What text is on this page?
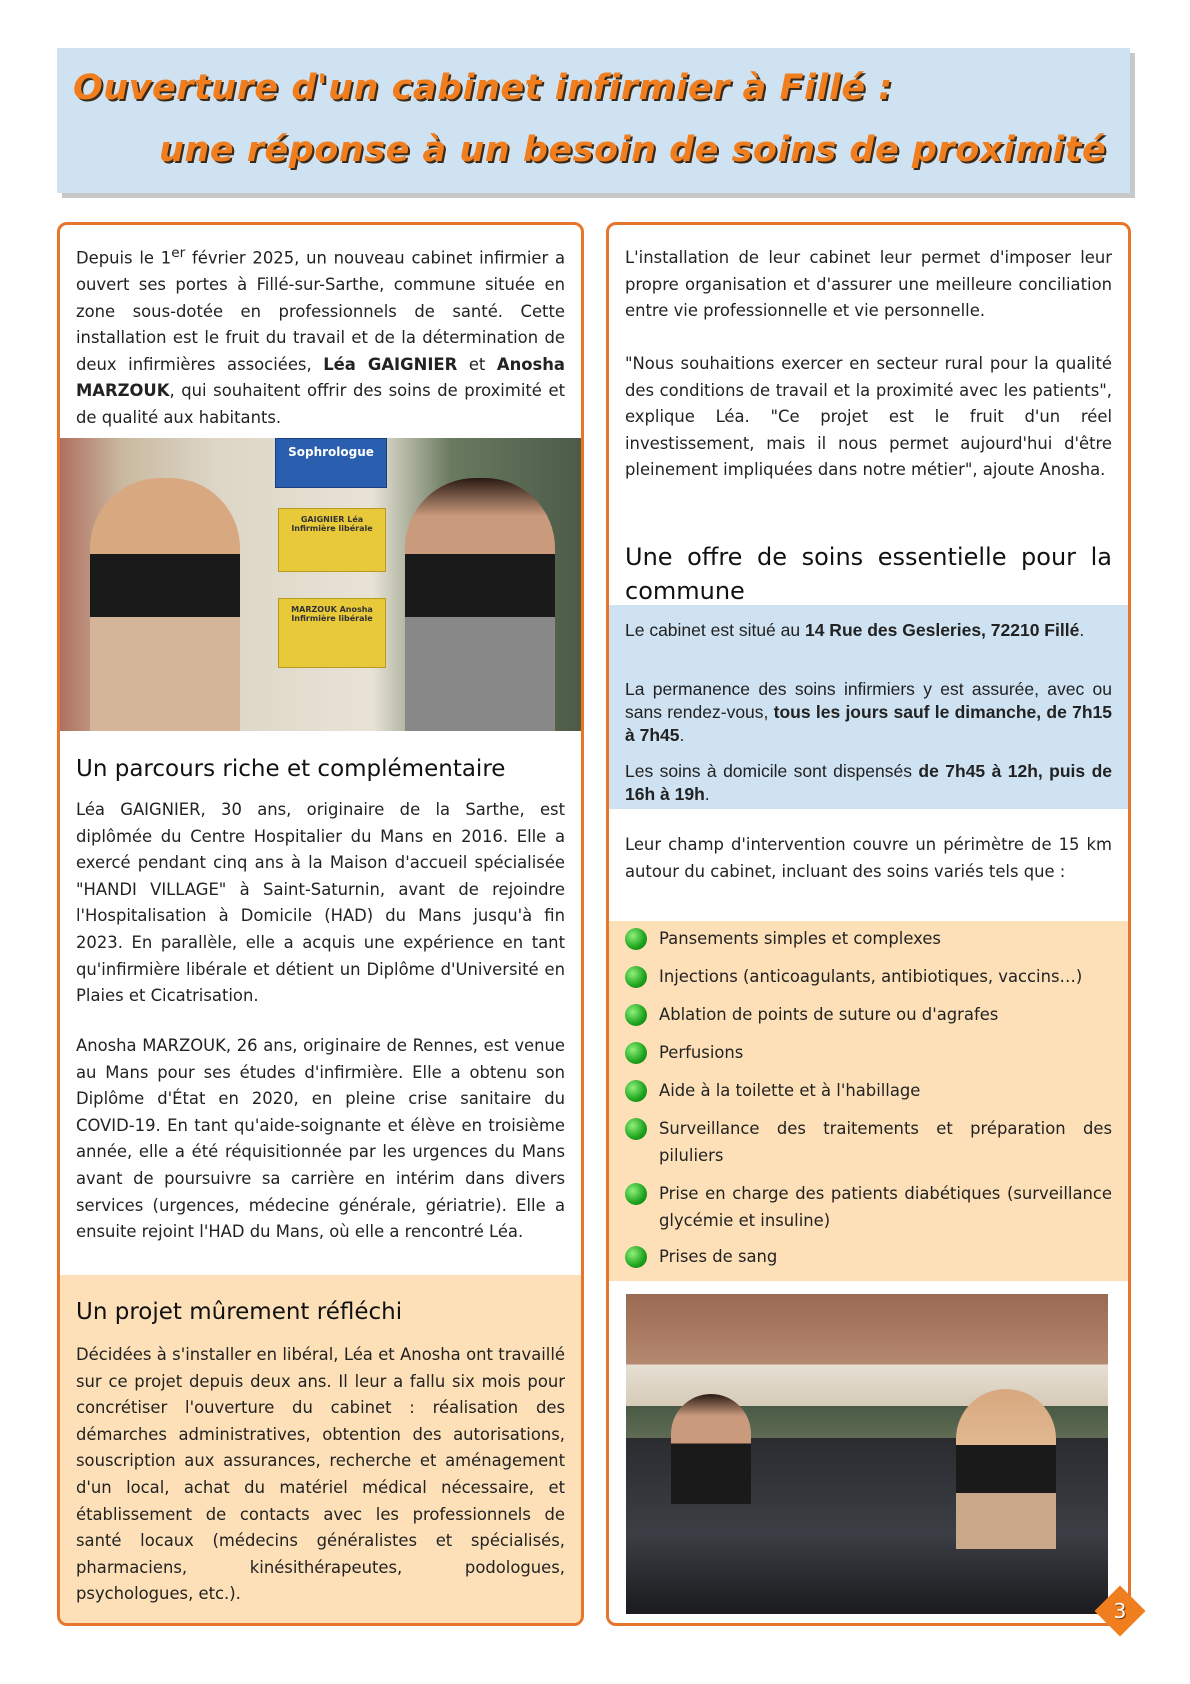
Ouverture d'un cabinet infirmier à Fillé :
une réponse à un besoin de soins de proximité
Depuis le 1er février 2025, un nouveau cabinet infirmier a ouvert ses portes à Fillé-sur-Sarthe, commune située en zone sous-dotée en professionnels de santé. Cette installation est le fruit du travail et de la détermination de deux infirmières associées, Léa GAIGNIER et Anosha MARZOUK, qui souhaitent offrir des soins de proximité et de qualité aux habitants.
Sophrologue
GAIGNIER Léa Infirmière libérale
MARZOUK Anosha Infirmière libérale
Un parcours riche et complémentaire
Léa GAIGNIER, 30 ans, originaire de la Sarthe, est diplômée du Centre Hospitalier du Mans en 2016. Elle a exercé pendant cinq ans à la Maison d'accueil spécialisée "HANDI VILLAGE" à Saint-Saturnin, avant de rejoindre l'Hospitalisation à Domicile (HAD) du Mans jusqu'à fin 2023. En parallèle, elle a acquis une expérience en tant qu'infirmière libérale et détient un Diplôme d'Université en Plaies et Cicatrisation.
Anosha MARZOUK, 26 ans, originaire de Rennes, est venue au Mans pour ses études d'infirmière. Elle a obtenu son Diplôme d'État en 2020, en pleine crise sanitaire du COVID-19. En tant qu'aide-soignante et élève en troisième année, elle a été réquisitionnée par les urgences du Mans avant de poursuivre sa carrière en intérim dans divers services (urgences, médecine générale, gériatrie). Elle a ensuite rejoint l'HAD du Mans, où elle a rencontré Léa.
Un projet mûrement réfléchi
Décidées à s'installer en libéral, Léa et Anosha ont travaillé sur ce projet depuis deux ans. Il leur a fallu six mois pour concrétiser l'ouverture du cabinet : réalisation des démarches administratives, obtention des autorisations, souscription aux assurances, recherche et aménagement d'un local, achat du matériel médical nécessaire, et établissement de contacts avec les professionnels de santé locaux (médecins généralistes et spécialisés, pharmaciens, kinésithérapeutes, podologues, psychologues, etc.).
L'installation de leur cabinet leur permet d'imposer leur propre organisation et d'assurer une meilleure conciliation entre vie professionnelle et vie personnelle.
"Nous souhaitions exercer en secteur rural pour la qualité des conditions de travail et la proximité avec les patients", explique Léa. "Ce projet est le fruit d'un réel investissement, mais il nous permet aujourd'hui d'être pleinement impliquées dans notre métier", ajoute Anosha.
Une offre de soins essentielle pour la commune
Le cabinet est situé au 14 Rue des Gesleries, 72210 Fillé.
La permanence des soins infirmiers y est assurée, avec ou sans rendez-vous, tous les jours sauf le dimanche, de 7h15 à 7h45.
Les soins à domicile sont dispensés de 7h45 à 12h, puis de 16h à 19h.
Leur champ d'intervention couvre un périmètre de 15 km autour du cabinet, incluant des soins variés tels que :
Pansements simples et complexes
Injections (anticoagulants, antibiotiques, vaccins…)
Ablation de points de suture ou d'agrafes
Perfusions
Aide à la toilette et à l'habillage
Surveillance des traitements et préparation des piluliers
Prise en charge des patients diabétiques (surveillance glycémie et insuline)
Prises de sang
3
